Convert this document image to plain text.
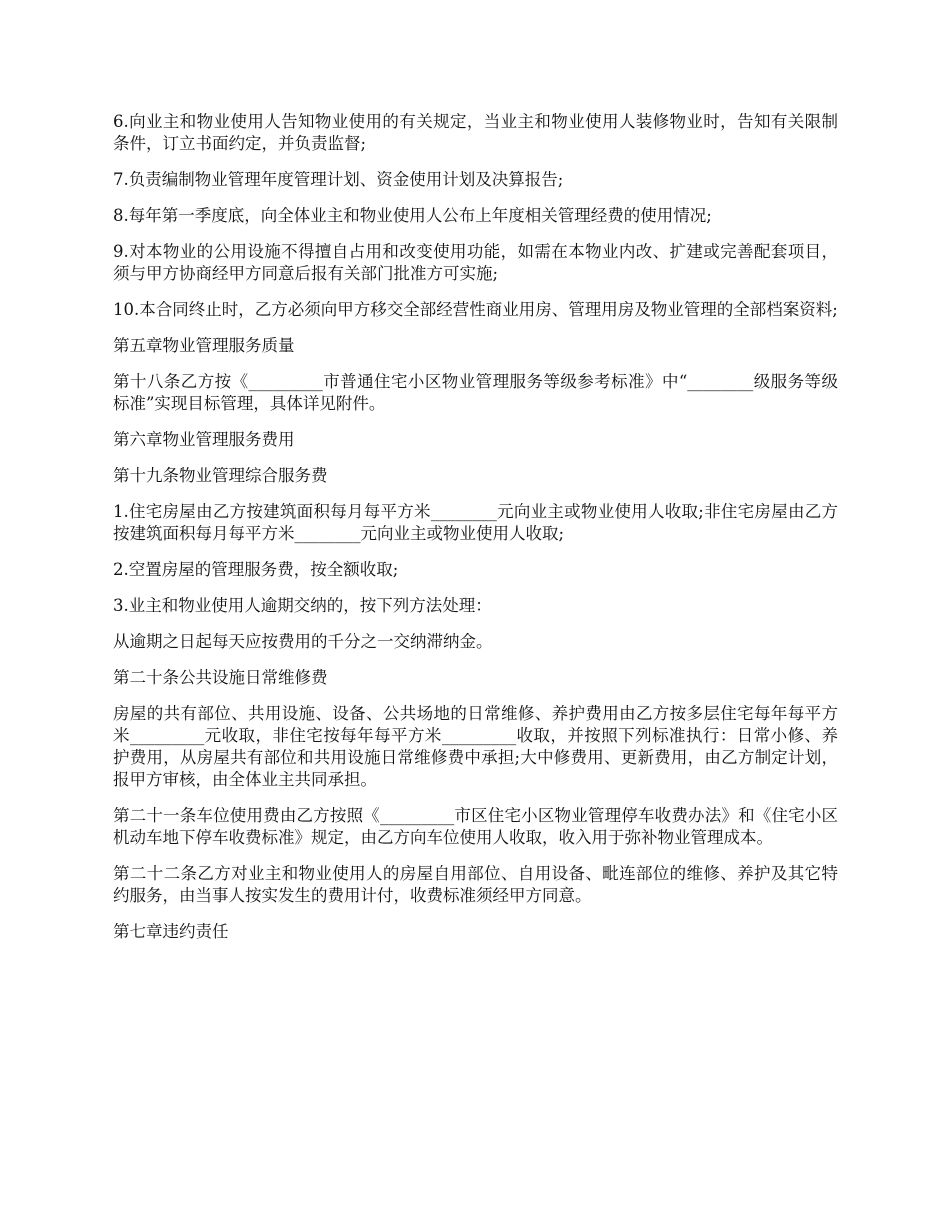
6.向业主和物业使用人告知物业使用的有关规定，当业主和物业使用人装修物业时，告知有关限制条件，订立书面约定，并负责监督;

7.负责编制物业管理年度管理计划、资金使用计划及决算报告;

8.每年第一季度底，向全体业主和物业使用人公布上年度相关管理经费的使用情况;

9.对本物业的公用设施不得擅自占用和改变使用功能，如需在本物业内改、扩建或完善配套项目，须与甲方协商经甲方同意后报有关部门批准方可实施;

10.本合同终止时，乙方必须向甲方移交全部经营性商业用房、管理用房及物业管理的全部档案资料;

第五章物业管理服务质量

第十八条乙方按《_________市普通住宅小区物业管理服务等级参考标准》中“________级服务等级标准”实现目标管理，具体详见附件。

第六章物业管理服务费用

第十九条物业管理综合服务费

1.住宅房屋由乙方按建筑面积每月每平方米________元向业主或物业使用人收取;非住宅房屋由乙方按建筑面积每月每平方米________元向业主或物业使用人收取;

2.空置房屋的管理服务费，按全额收取;

3.业主和物业使用人逾期交纳的，按下列方法处理：

从逾期之日起每天应按费用的千分之一交纳滞纳金。

第二十条公共设施日常维修费

房屋的共有部位、共用设施、设备、公共场地的日常维修、养护费用由乙方按多层住宅每年每平方米_________元收取，非住宅按每年每平方米_________收取，并按照下列标准执行：日常小修、养护费用，从房屋共有部位和共用设施日常维修费中承担;大中修费用、更新费用，由乙方制定计划，报甲方审核，由全体业主共同承担。

第二十一条车位使用费由乙方按照《_________市区住宅小区物业管理停车收费办法》和《住宅小区机动车地下停车收费标准》规定，由乙方向车位使用人收取，收入用于弥补物业管理成本。

第二十二条乙方对业主和物业使用人的房屋自用部位、自用设备、毗连部位的维修、养护及其它特约服务，由当事人按实发生的费用计付，收费标准须经甲方同意。

第七章违约责任
